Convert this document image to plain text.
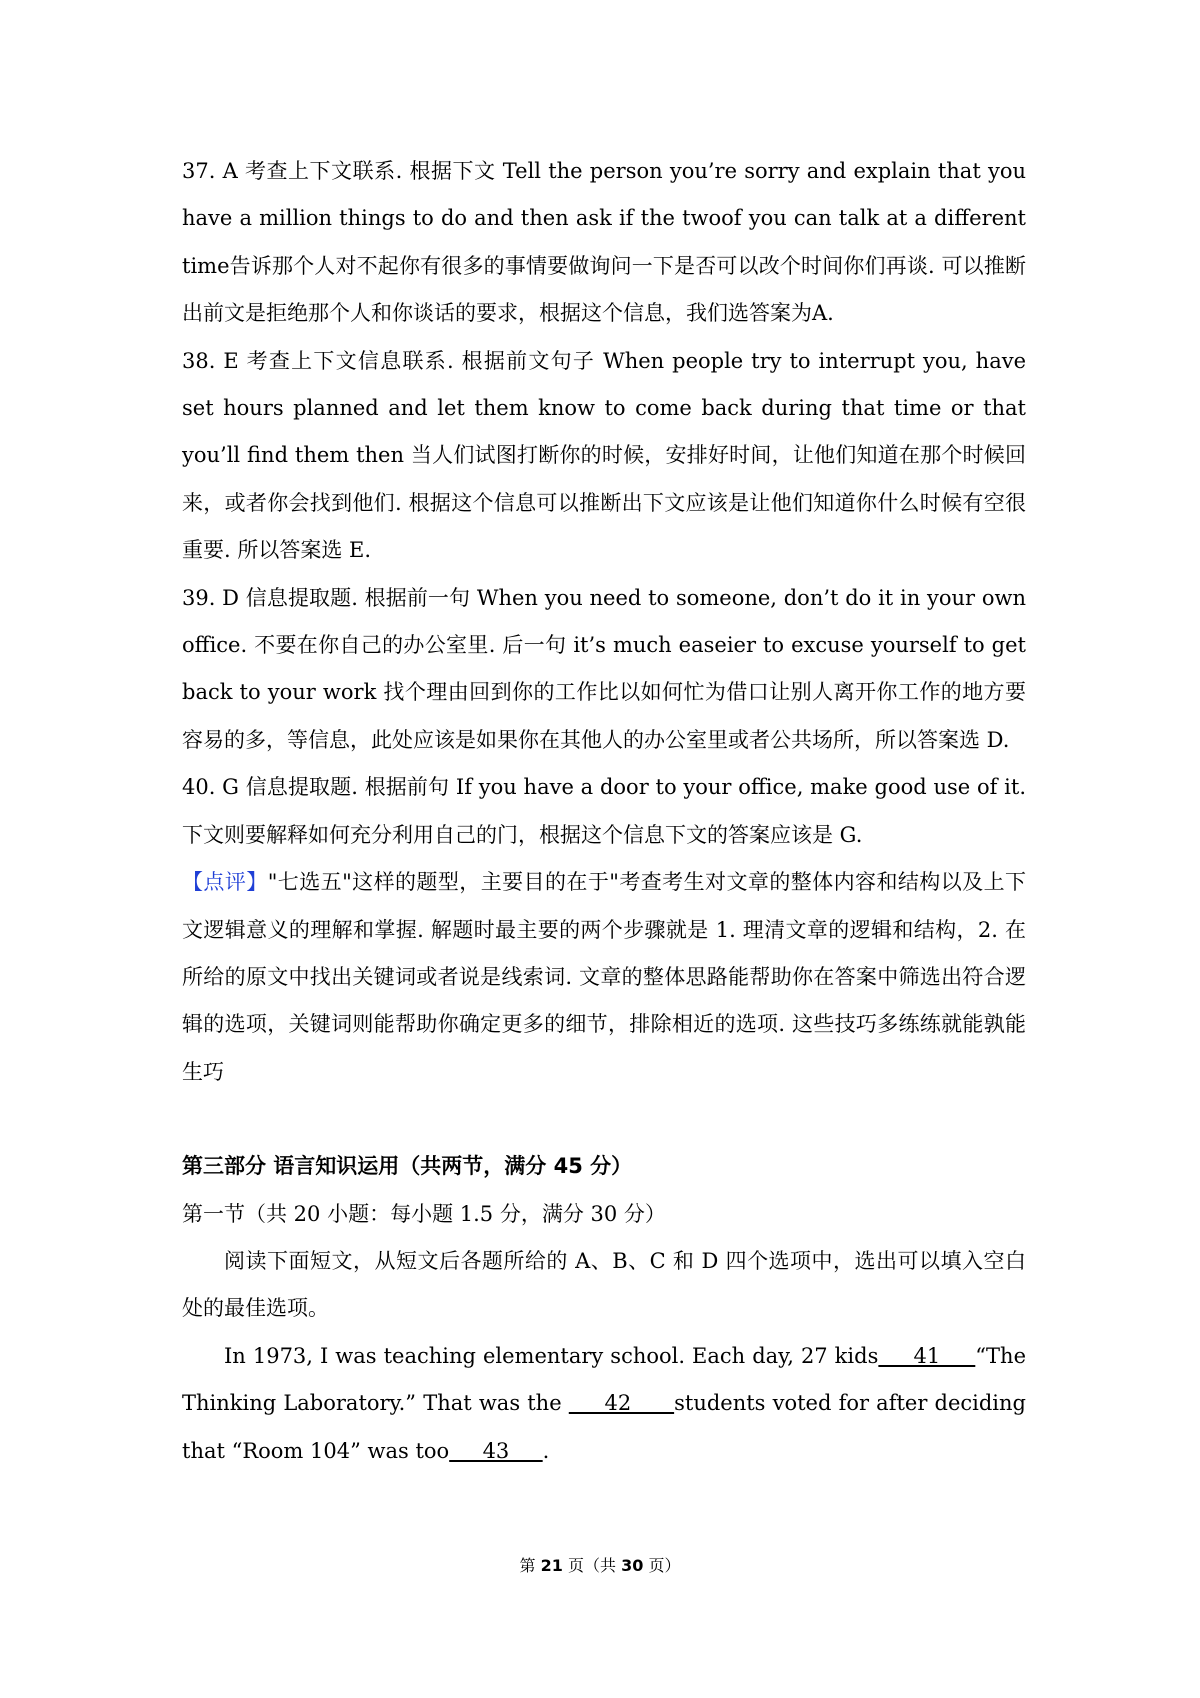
37. A 考查上下文联系. 根据下文 Tell the person you’re sorry and explain that you have a million things to do and then ask if the twoof you can talk at a different time告诉那个人对不起你有很多的事情要做询问一下是否可以改个时间你们再谈. 可以推断出前文是拒绝那个人和你谈话的要求，根据这个信息，我们选答案为A.

38. E 考查上下文信息联系. 根据前文句子 When people try to interrupt you, have set hours planned and let them know to come back during that time or that you’ll find them then 当人们试图打断你的时候，安排好时间，让他们知道在那个时候回来，或者你会找到他们. 根据这个信息可以推断出下文应该是让他们知道你什么时候有空很重要. 所以答案选 E.

39. D 信息提取题. 根据前一句 When you need to someone, don’t do it in your own office. 不要在你自己的办公室里. 后一句 it’s much easeier to excuse yourself to get back to your work 找个理由回到你的工作比以如何忙为借口让别人离开你工作的地方要容易的多，等信息，此处应该是如果你在其他人的办公室里或者公共场所，所以答案选 D.

40. G 信息提取题. 根据前句 If you have a door to your office, make good use of it. 下文则要解释如何充分利用自己的门，根据这个信息下文的答案应该是 G.

【点评】"七选五"这样的题型，主要目的在于"考查考生对文章的整体内容和结构以及上下文逻辑意义的理解和掌握. 解题时最主要的两个步骤就是 1. 理清文章的逻辑和结构，2. 在所给的原文中找出关键词或者说是线索词. 文章的整体思路能帮助你在答案中筛选出符合逻辑的选项，关键词则能帮助你确定更多的细节，排除相近的选项. 这些技巧多练练就能孰能生巧

第三部分 语言知识运用（共两节，满分 45 分）

第一节（共 20 小题：每小题 1.5 分，满分 30 分）

阅读下面短文，从短文后各题所给的 A、B、C 和 D 四个选项中，选出可以填入空白处的最佳选项。

In 1973, I was teaching elementary school. Each day, 27 kids     41     “The Thinking Laboratory.” That was the      42      students voted for after deciding that “Room 104” was too     43     .

第 21 页（共 30 页）
